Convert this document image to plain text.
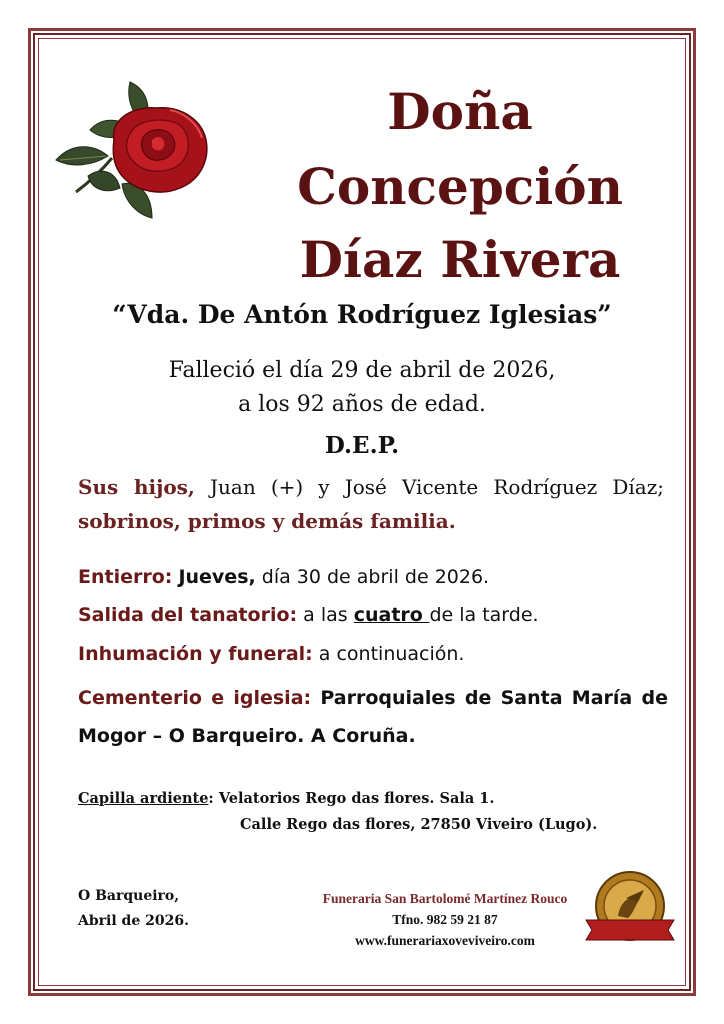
Doña
Concepción
Díaz Rivera
“Vda. De Antón Rodríguez Iglesias”
Falleció el día 29 de abril de 2026,
a los 92 años de edad.
D.E.P.
Sus hijos, Juan (+) y José Vicente Rodríguez Díaz; sobrinos, primos y demás familia.
Entierro: Jueves, día 30 de abril de 2026.
Salida del tanatorio: a las cuatro de la tarde.
Inhumación y funeral: a continuación.
Cementerio e iglesia: Parroquiales de Santa María de Mogor – O Barqueiro. A Coruña.
Capilla ardiente: Velatorios Rego das flores. Sala 1.
Calle Rego das flores, 27850 Viveiro (Lugo).
O Barqueiro,
Abril de 2026.
Funeraria San Bartolomé Martínez Rouco
Tfno. 982 59 21 87
www.funerariaxoveviveiro.com
